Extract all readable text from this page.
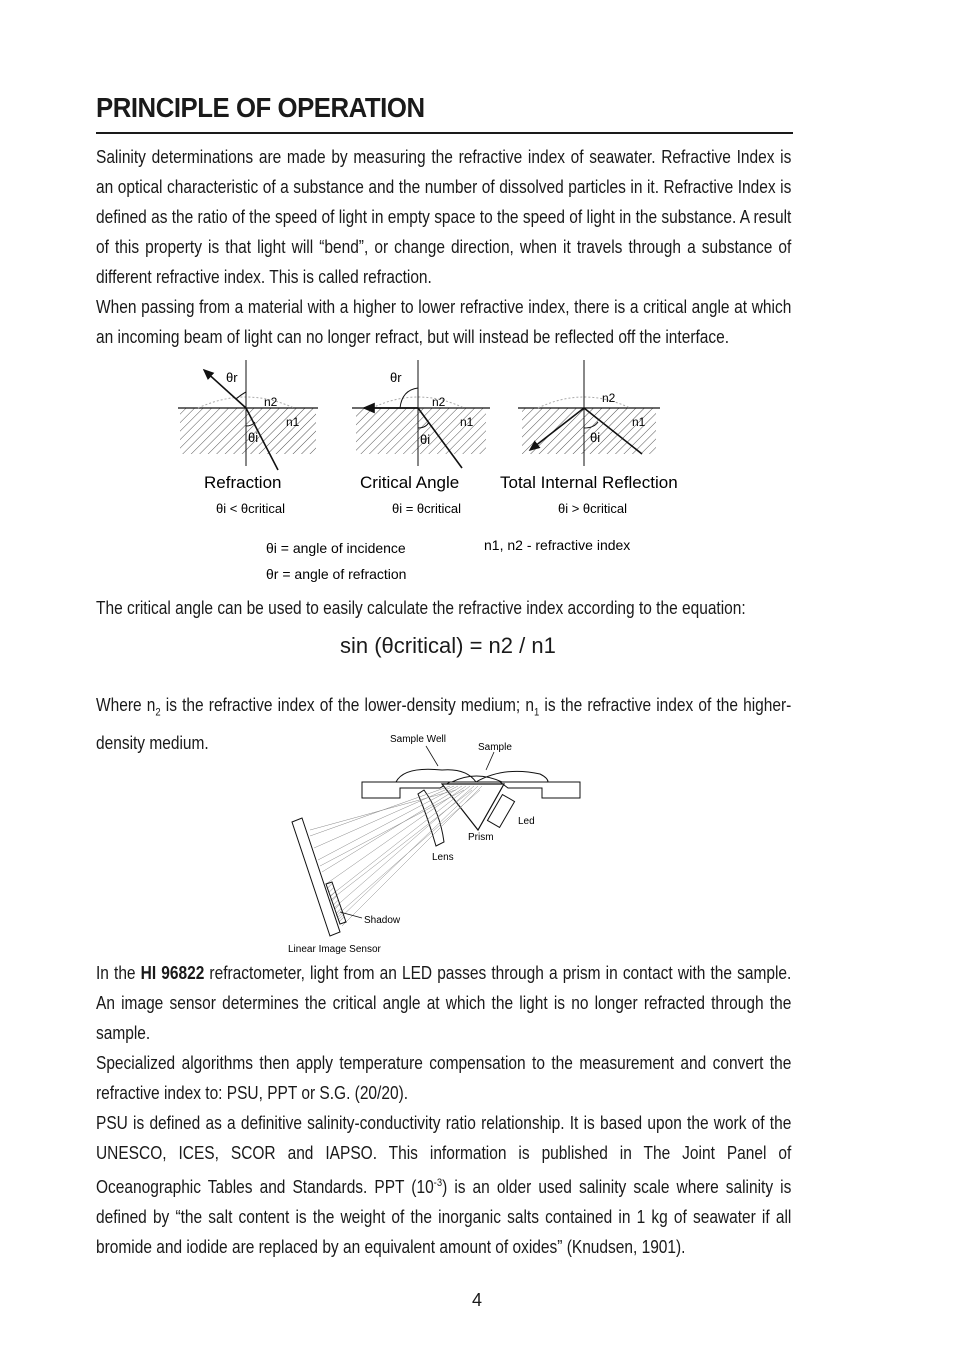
PRINCIPLE OF OPERATION
Salinity determinations are made by measuring the refractive index of seawater. Refractive Index is an optical characteristic of a substance and the number of dissolved particles in it. Refractive Index is defined as the ratio of the speed of light in empty space to the speed of light in the substance. A result of this property is that light will “bend”, or change direction, when it travels through a substance of different refractive index. This is called refraction.
When passing from a material with a higher to lower refractive index, there is a critical angle at which an incoming beam of light can no longer refract, but will instead be reflected off the interface.
θr
n2
n1
θi
Refraction
θi < θcritical
θr
n2
n1
θi
Critical Angle
θi = θcritical
n2
n1
θi
Total Internal Reflection
θi > θcritical
θi = angle of incidence
θr = angle of refraction
n1, n2 - refractive index
The critical angle can be used to easily calculate the refractive index according to the equation:
sin (θcritical) = n2 / n1
Where $n_2$ is the refractive index of the lower-density medium; $n_1$ is the refractive index of the higher-density medium.	Sample Well
Sample
Led
Prism
Lens
Shadow
Linear Image Sensor
In the HI 96822 refractometer, light from an LED passes through a prism in contact with the sample. An image sensor determines the critical angle at which the light is no longer refracted through the sample.
Specialized algorithms then apply temperature compensation to the measurement and convert the refractive index to: PSU, PPT or S.G. (20/20).
PSU is defined as a definitive salinity-conductivity ratio relationship. It is based upon the work of the UNESCO, ICES, SCOR and IAPSO. This information is published in The Joint Panel of Oceanographic Tables and Standards. PPT $(10^{-3})$ is an older used salinity scale where salinity is defined by “the salt content is the weight of the inorganic salts contained in 1 kg of seawater if all bromide and iodide are replaced by an equivalent amount of oxides” (Knudsen, 1901).
4
